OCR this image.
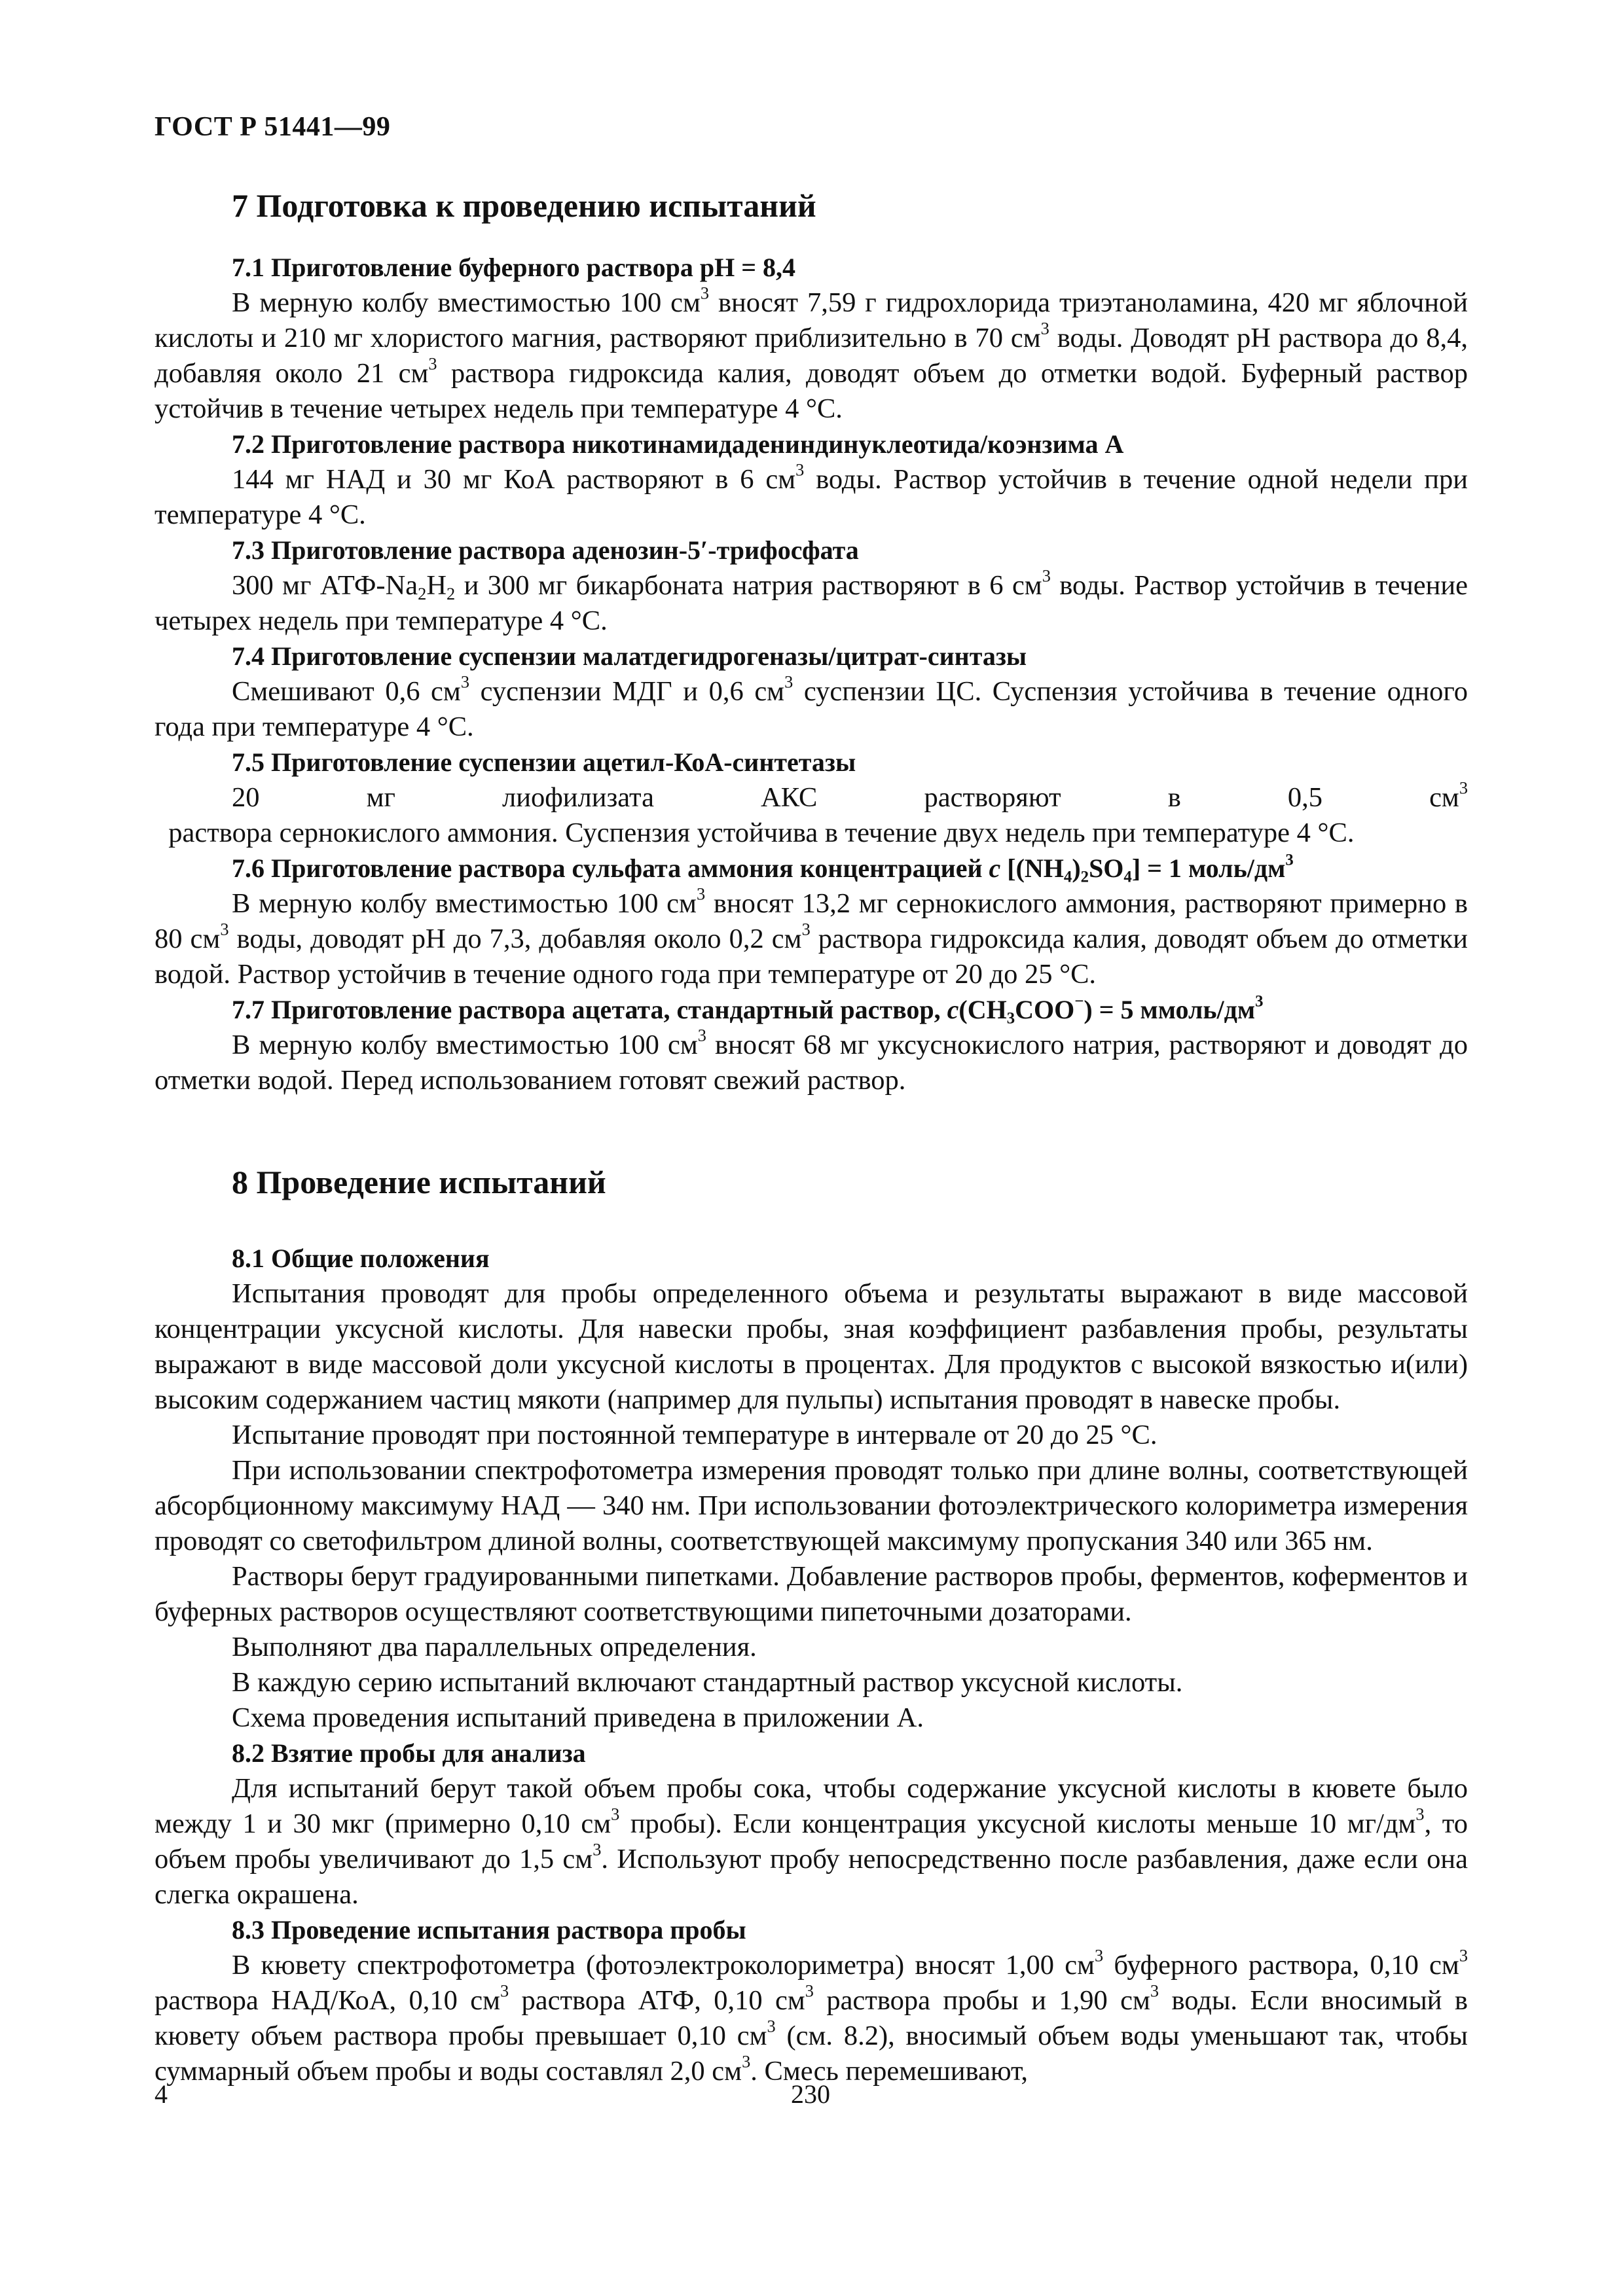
ГОСТ Р 51441—99
7 Подготовка к проведению испытаний
7.1 Приготовление буферного раствора pH = 8,4

В мерную колбу вместимостью 100 $см^3$ вносят 7,59 г гидрохлорида триэтаноламина, 420 мг яблочной кислоты и 210 мг хлористого магния, растворяют приблизительно в 70 $см^3$ воды. Доводят pH раствора до 8,4, добавляя около 21 $см^3$ раствора гидроксида калия, доводят объем до отметки водой. Буферный раствор устойчив в течение четырех недель при температуре 4 °С.

7.2 Приготовление раствора никотинамидадениндинуклеотида/коэнзима А

144 мг НАД и 30 мг КоА растворяют в 6 $см^3$ воды. Раствор устойчив в течение одной недели при температуре 4 °С.

7.3 Приготовление раствора аденозин-5′-трифосфата

300 мг АТФ-$Na_2H_2$ и 300 мг бикарбоната натрия растворяют в 6 $см^3$ воды. Раствор устойчив в течение четырех недель при температуре 4 °С.

7.4 Приготовление суспензии малатдегидрогеназы/цитрат-синтазы

Смешивают 0,6 $см^3$ суспензии МДГ и 0,6 $см^3$ суспензии ЦС. Суспензия устойчива в течение одного года при температуре 4 °С.

7.5 Приготовление суспензии ацетил-КоА-синтетазы

20 мг лиофилизата АКС растворяют в 0,5 $см^3$  раствора сернокислого аммония. Суспензия устойчива в течение двух недель при температуре 4 °С.

7.6 Приготовление раствора сульфата аммония концентрацией c $[(NH_4)_2SO_4] = 1$ моль/$дм^3$

В мерную колбу вместимостью 100 $см^3$ вносят 13,2 мг сернокислого аммония, растворяют примерно в 80 $см^3$ воды, доводят pH до 7,3, добавляя около 0,2 $см^3$ раствора гидроксида калия, доводят объем до отметки водой. Раствор устойчив в течение одного года при температуре от 20 до 25 °С.

7.7 Приготовление раствора ацетата, стандартный раствор, $c(CH_3COO^-) = 5$ ммоль/$дм^3$

В мерную колбу вместимостью 100 $см^3$ вносят 68 мг уксуснокислого натрия, растворяют и доводят до отметки водой. Перед использованием готовят свежий раствор.

8 Проведение испытаний
8.1 Общие положения

Испытания проводят для пробы определенного объема и результаты выражают в виде массовой концентрации уксусной кислоты. Для навески пробы, зная коэффициент разбавления пробы, результаты выражают в виде массовой доли уксусной кислоты в процентах. Для продуктов с высокой вязкостью и(или) высоким содержанием частиц мякоти (например для пульпы) испытания проводят в навеске пробы.

Испытание проводят при постоянной температуре в интервале от 20 до 25 °С.

При использовании спектрофотометра измерения проводят только при длине волны, соответствующей абсорбционному максимуму НАД — 340 нм. При использовании фотоэлектрического колориметра измерения проводят со светофильтром длиной волны, соответствующей максимуму пропускания 340 или 365 нм.

Растворы берут градуированными пипетками. Добавление растворов пробы, ферментов, коферментов и буферных растворов осуществляют соответствующими пипеточными дозаторами.

Выполняют два параллельных определения.

В каждую серию испытаний включают стандартный раствор уксусной кислоты.

Схема проведения испытаний приведена в приложении А.

8.2 Взятие пробы для анализа

Для испытаний берут такой объем пробы сока, чтобы содержание уксусной кислоты в кювете было между 1 и 30 мкг (примерно 0,10 $см^3$ пробы). Если концентрация уксусной кислоты меньше 10 $мг/дм^3$, то объем пробы увеличивают до 1,5 $см^3$. Используют пробу непосредственно после разбавления, даже если она слегка окрашена.

8.3 Проведение испытания раствора пробы

В кювету спектрофотометра (фотоэлектроколориметра) вносят 1,00 $см^3$ буферного раствора, 0,10 $см^3$ раствора НАД/КоА, 0,10 $см^3$ раствора АТФ, 0,10 $см^3$ раствора пробы и 1,90 $см^3$ воды. Если вносимый в кювету объем раствора пробы превышает 0,10 $см^3$ (см. 8.2), вносимый объем воды уменьшают так, чтобы суммарный объем пробы и воды составлял 2,0 $см^3$. Смесь перемешивают,

4	230
